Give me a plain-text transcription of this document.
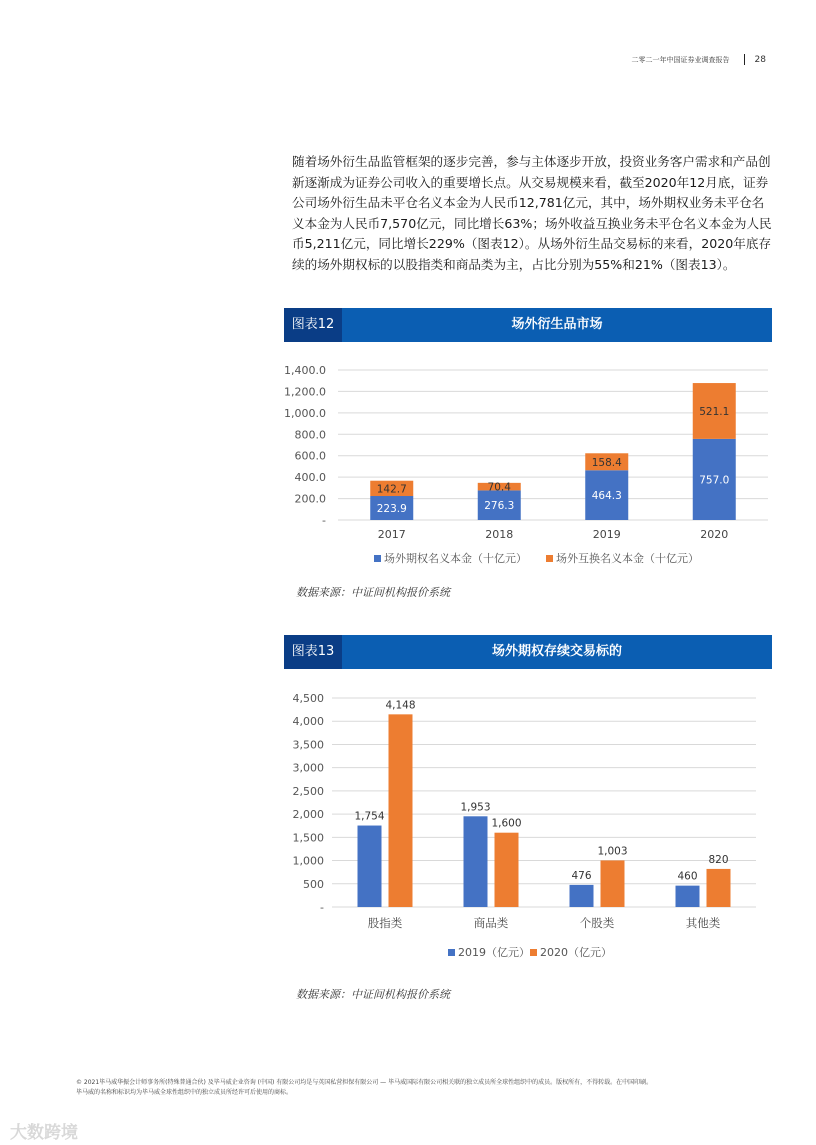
二零二一年中国证券业调查报告	28
随着场外衍生品监管框架的逐步完善，参与主体逐步开放，投资业务客户需求和产品创新逐渐成为证券公司收入的重要增长点。从交易规模来看，截至2020年12月底，证券公司场外衍生品未平仓名义本金为人民币12,781亿元，其中，场外期权业务未平仓名义本金为人民币7,570亿元，同比增长63%；场外收益互换业务未平仓名义本金为人民币5,211亿元，同比增长229%（图表12）。从场外衍生品交易标的来看，2020年底存续的场外期权标的以股指类和商品类为主，占比分别为55%和21%（图表13）。
图表12	场外衍生品市场
-
200.0
400.0
600.0
800.0
1,000.0
1,200.0
1,400.0
223.9
142.7
2017
276.3
70.4
2018
464.3
158.4
2019
757.0
521.1
2020
场外期权名义本金（十亿元）	场外互换名义本金（十亿元）
数据来源：中证间机构报价系统
图表13	场外期权存续交易标的
-
500
1,000
1,500
2,000
2,500
3,000
3,500
4,000
4,500
1,754
4,148
股指类
1,953
1,600
商品类
476
1,003
个股类
460
820
其他类
2019（亿元） 2020（亿元）
数据来源：中证间机构报价系统
© 2021毕马威华振会计师事务所(特殊普通合伙) 及毕马威企业咨询 (中国) 有限公司均是与英国私营担保有限公司 — 毕马威国际有限公司相关联的独立成员所全球性组织中的成员。版权所有，不得转载。在中国印刷。
毕马威的名称和标识均为毕马威全球性组织中的独立成员所经许可后使用的商标。
大数跨境
